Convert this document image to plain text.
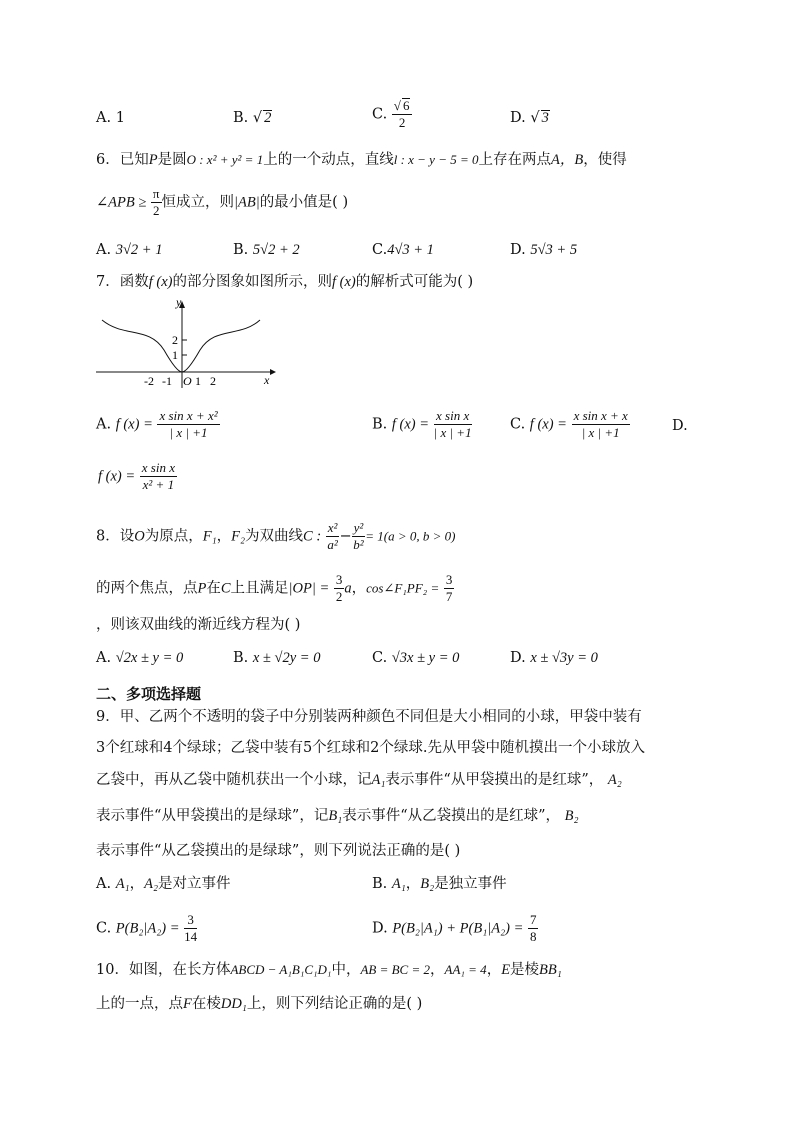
A. 1	B. √ 2	C. $\frac{√ 6}{2}$	D. √ 3
6．已知P是圆O : x² + y² = 1上的一个动点，直线l : x − y − 5 = 0上存在两点A，B，使得
∠APB ≥ $\frac{\pi}{2}$ 恒成立，则|AB|的最小值是( )
A. 3√2 + 1	B. 5√2 + 2	C.4√3 + 1	D. 5√3 + 5
7．函数f (x)的部分图象如图所示，则f (x)的解析式可能为( )
2
1
y
x
-2 -1 O 1 2
A. f $(x) = \frac{\text{x sin x + x²}}{| x | +1}$	B. f $(x) = \frac{\text{x sin x}}{| x | +1}$	C. f $(x) = \frac{\text{x sin x + x}}{| x | +1}$	D.
f $(x) = \frac{\text{x sin x}}{\text{x² + 1}}$
8．设O为原点，F₁，F₂为双曲线C : $\frac{\text{x²}}{\text{a²}} - \frac{\text{y²}}{\text{b²}} = 1(a > 0$, b > 0)
的两个焦点，点P在C上且满足$|OP| = \frac{3}{2}$ a，cos∠F₁PF₂ = $\frac{3}{7}$
，则该双曲线的渐近线方程为( )
A. √2x ± y = 0	B. x ± √2y = 0	C. √3x ± y = 0	D. x ± √3y = 0
二、多项选择题
9．甲、乙两个不透明的袋子中分别装两种颜色不同但是大小相同的小球，甲袋中装有
3个红球和4个绿球；乙袋中装有5个红球和2个绿球.先从甲袋中随机摸出一个小球放入
乙袋中，再从乙袋中随机获出一个小球，记A₁表示事件“从甲袋摸出的是红球”， A₂
表示事件“从甲袋摸出的是绿球”，记B₁表示事件“从乙袋摸出的是红球”， B₂
表示事件“从乙袋摸出的是绿球”，则下列说法正确的是( )
A. A₁，A₂是对立事件	B. A₁，B₂是独立事件
C. $P(B_2|A_2) = \frac{3}{14}$	D. $P(B_2|A_1) + P(B_1|A_2) = \frac{7}{8}$
10．如图，在长方体ABCD − A₁B₁C₁D₁中，AB = BC = 2，AA₁ = 4，E是棱BB₁
上的一点，点F在棱DD₁上，则下列结论正确的是( )
